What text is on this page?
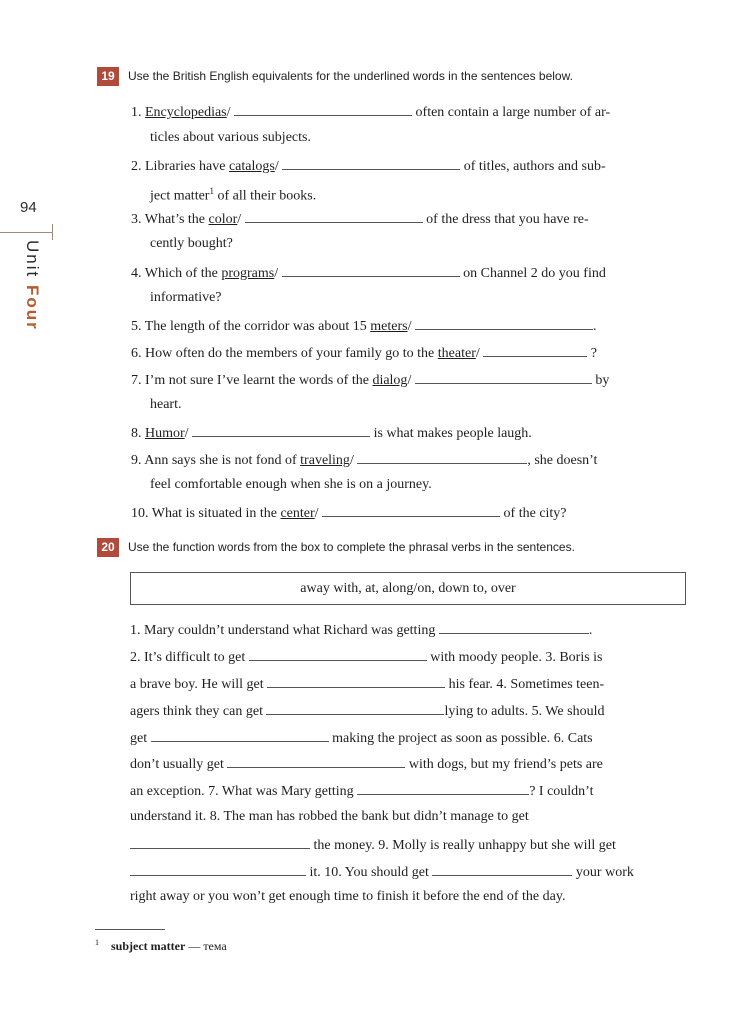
94
Unit Four
19	Use the British English equivalents for the underlined words in the sentences below.
1. Encyclopedias/	often contain a large number of ar-
ticles about various subjects.
2. Libraries have catalogs/	of titles, authors and sub-
ject matter$^1$ of all their books.
3. What’s the color/	of the dress that you have re-
cently bought?
4. Which of the programs/	on Channel 2 do you find
informative?
5. The length of the corridor was about 15 meters/	.
6. How often do the members of your family go to the theater/	?
7. I’m not sure I’ve learnt the words of the dialog/	by
heart.
8. Humor/	is what makes people laugh.
9. Ann says she is not fond of traveling/	, she doesn’t
feel comfortable enough when she is on a journey.
10. What is situated in the center/	of the city?
20	Use the function words from the box to complete the phrasal verbs in the sentences.
away with, at, along/on, down to, over
1. Mary couldn’t understand what Richard was getting	.
2. It’s difficult to get	with moody people. 3. Boris is
a brave boy. He will get	his fear. 4. Sometimes teen-
agers think they can get	lying to adults. 5. We should
get	making the project as soon as possible. 6. Cats
don’t usually get	with dogs, but my friend’s pets are
an exception. 7. What was Mary getting	? I couldn’t
understand it. 8. The man has robbed the bank but didn’t manage to get
the money. 9. Molly is really unhappy but she will get
it. 10. You should get	your work
right away or you won’t get enough time to finish it before the end of the day.
$^1$ subject matter — тема
